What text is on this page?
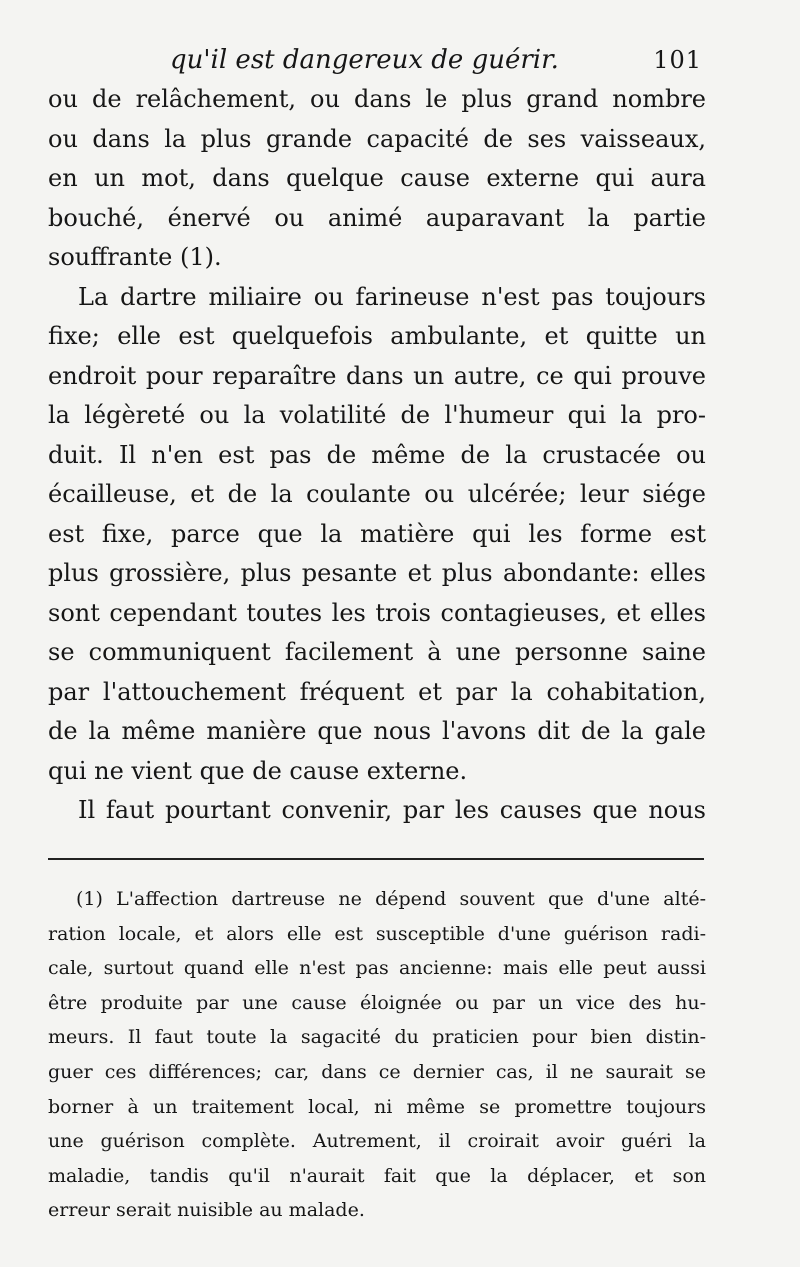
qu'il est dangereux de guérir.	101
ou de relâchement, ou dans le plus grand nombre
ou dans la plus grande capacité de ses vaisseaux,
en un mot, dans quelque cause externe qui aura
bouché, énervé ou animé auparavant la partie
souffrante (1).
La dartre miliaire ou farineuse n'est pas toujours
fixe; elle est quelquefois ambulante, et quitte un
endroit pour reparaître dans un autre, ce qui prouve
la légèreté ou la volatilité de l'humeur qui la pro-
duit. Il n'en est pas de même de la crustacée ou
écailleuse, et de la coulante ou ulcérée; leur siége
est fixe, parce que la matière qui les forme est
plus grossière, plus pesante et plus abondante: elles
sont cependant toutes les trois contagieuses, et elles
se communiquent facilement à une personne saine
par l'attouchement fréquent et par la cohabitation,
de la même manière que nous l'avons dit de la gale
qui ne vient que de cause externe.
Il faut pourtant convenir, par les causes que nous
(1) L'affection dartreuse ne dépend souvent que d'une alté-
ration locale, et alors elle est susceptible d'une guérison radi-
cale, surtout quand elle n'est pas ancienne: mais elle peut aussi
être produite par une cause éloignée ou par un vice des hu-
meurs. Il faut toute la sagacité du praticien pour bien distin-
guer ces différences; car, dans ce dernier cas, il ne saurait se
borner à un traitement local, ni même se promettre toujours
une guérison complète. Autrement, il croirait avoir guéri la
maladie, tandis qu'il n'aurait fait que la déplacer, et son
erreur serait nuisible au malade.
